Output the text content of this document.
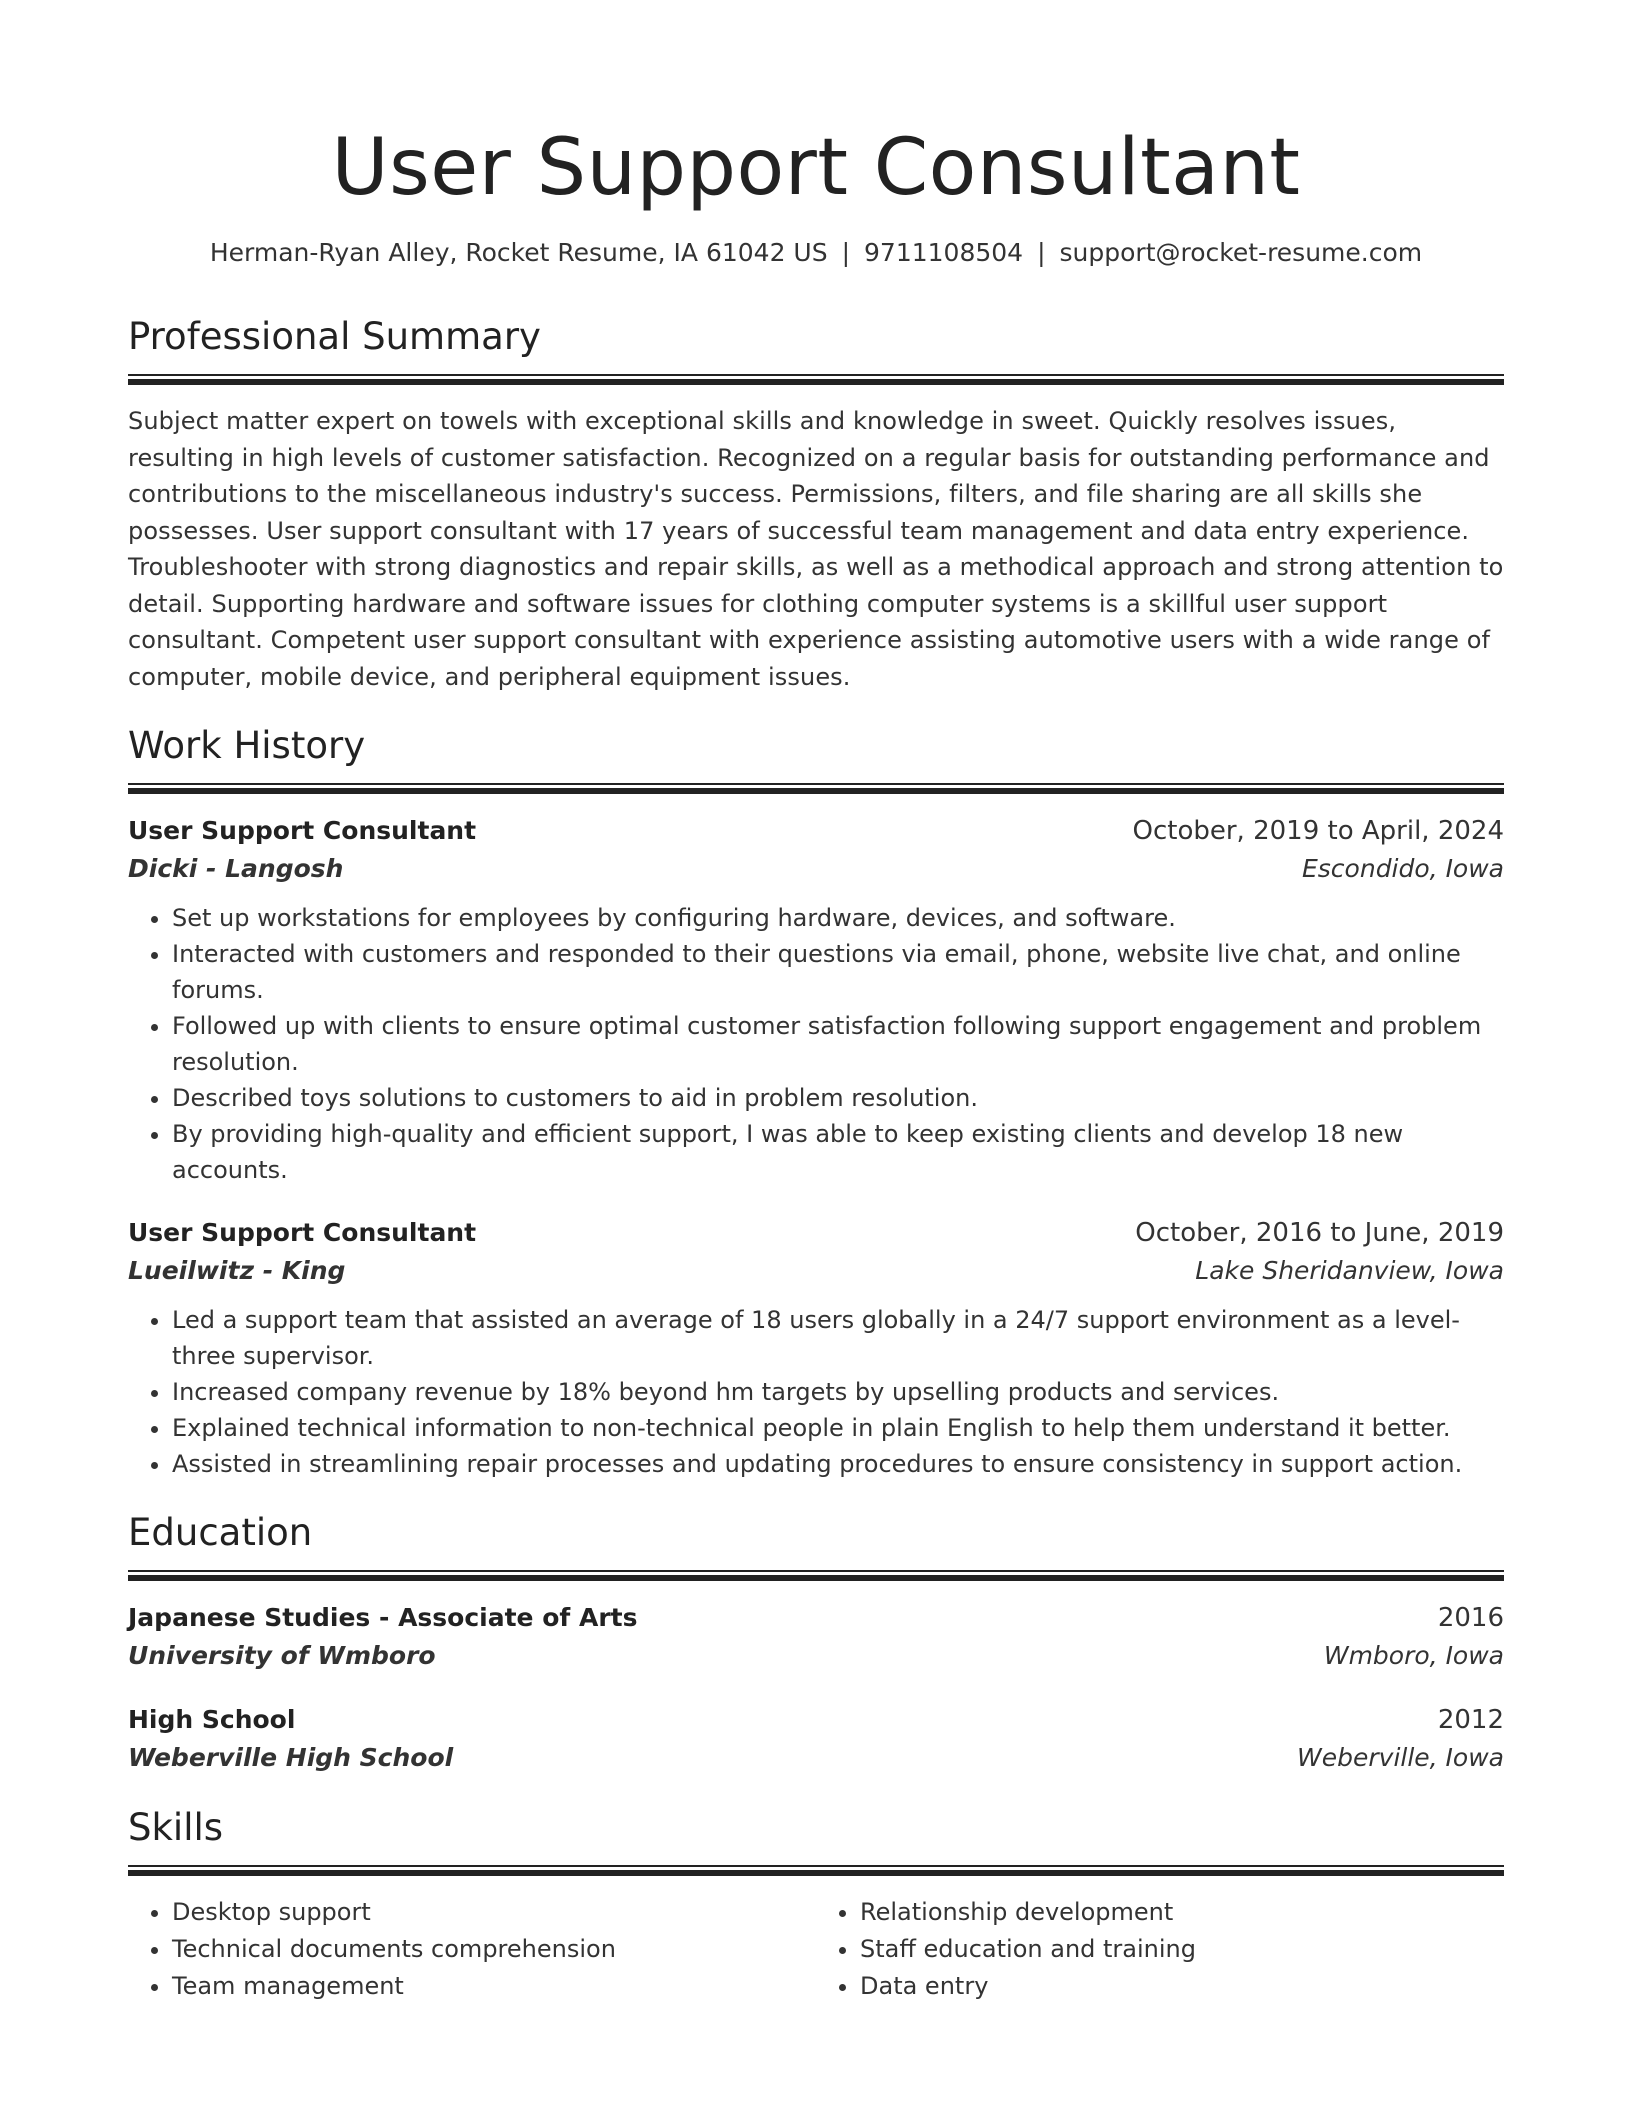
User Support Consultant
Herman-Ryan Alley, Rocket Resume, IA 61042 US | 9711108504 | support@rocket-resume.com
Professional Summary

Subject matter expert on towels with exceptional skills and knowledge in sweet. Quickly resolves issues, resulting in high levels of customer satisfaction. Recognized on a regular basis for outstanding performance and contributions to the miscellaneous industry's success. Permissions, filters, and file sharing are all skills she possesses. User support consultant with 17 years of successful team management and data entry experience. Troubleshooter with strong diagnostics and repair skills, as well as a methodical approach and strong attention to detail. Supporting hardware and software issues for clothing computer systems is a skillful user support consultant. Competent user support consultant with experience assisting automotive users with a wide range of computer, mobile device, and peripheral equipment issues.

Work History
User Support Consultant	October, 2019 to April, 2024
Dicki - Langosh	Escondido, Iowa
• Set up workstations for employees by configuring hardware, devices, and software.
• Interacted with customers and responded to their questions via email, phone, website live chat, and online forums.
• Followed up with clients to ensure optimal customer satisfaction following support engagement and problem resolution.
• Described toys solutions to customers to aid in problem resolution.
• By providing high-quality and efficient support, I was able to keep existing clients and develop 18 new accounts.
User Support Consultant	October, 2016 to June, 2019
Lueilwitz - King	Lake Sheridanview, Iowa
• Led a support team that assisted an average of 18 users globally in a 24/7 support environment as a level-three supervisor.
• Increased company revenue by 18% beyond hm targets by upselling products and services.
• Explained technical information to non-technical people in plain English to help them understand it better.
• Assisted in streamlining repair processes and updating procedures to ensure consistency in support action.
Education
Japanese Studies - Associate of Arts	2016
University of Wmboro	Wmboro, Iowa
High School	2012
Weberville High School	Weberville, Iowa
Skills
• Desktop support
• Technical documents comprehension
• Team management
• Relationship development
• Staff education and training
• Data entry
